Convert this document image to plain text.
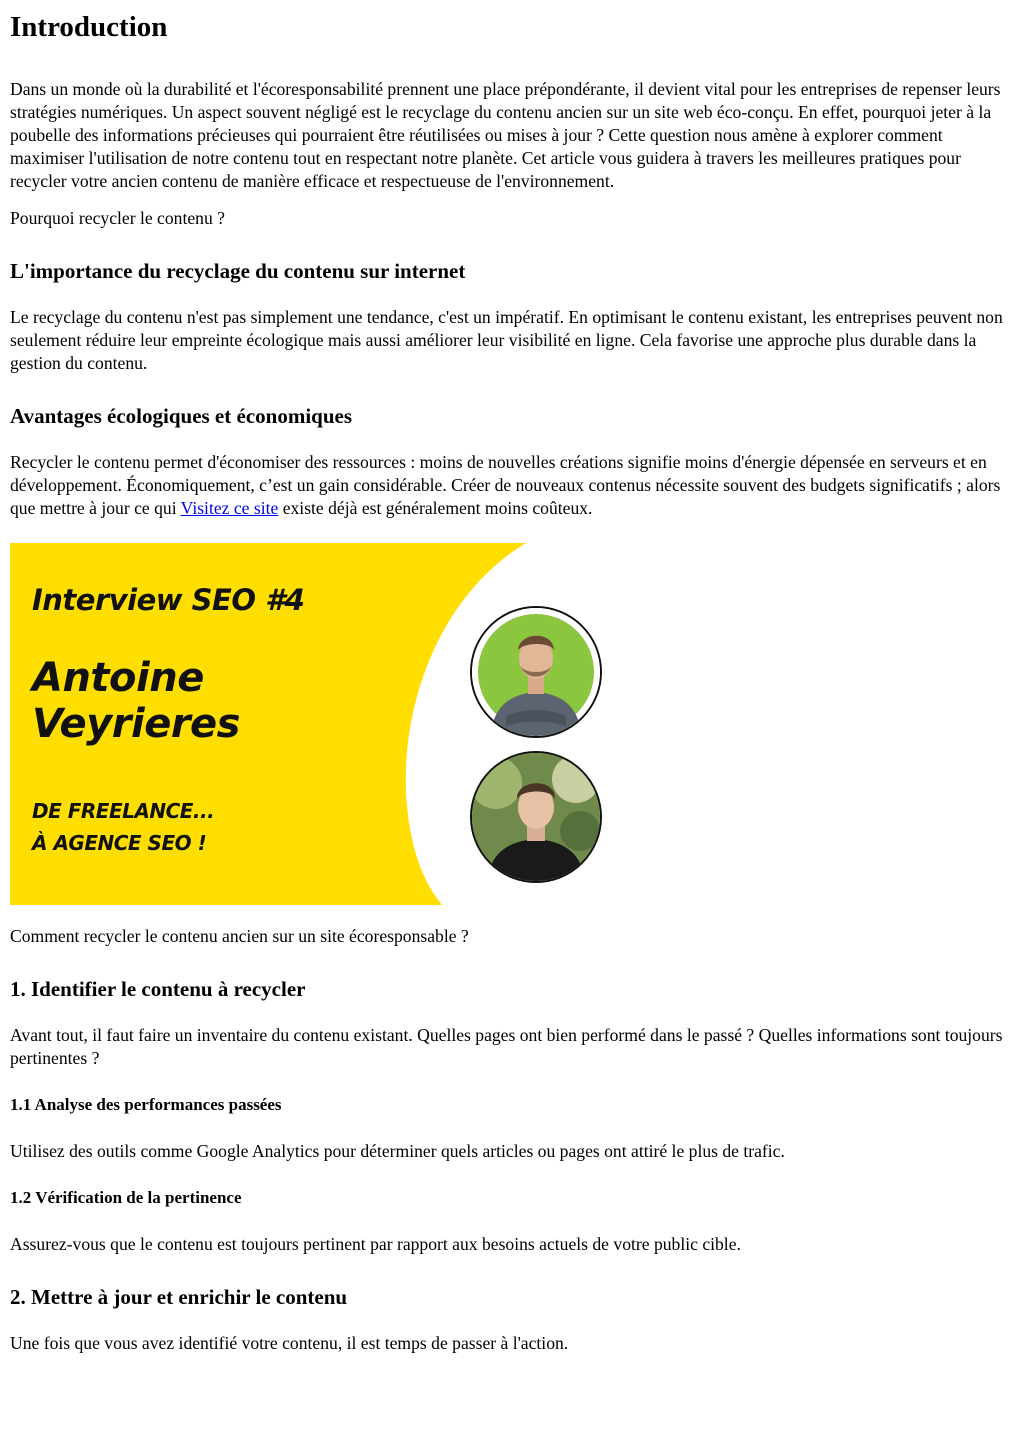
Introduction

Dans un monde où la durabilité et l'écoresponsabilité prennent une place prépondérante, il devient vital pour les entreprises de repenser leurs stratégies numériques. Un aspect souvent négligé est le recyclage du contenu ancien sur un site web éco-conçu. En effet, pourquoi jeter à la poubelle des informations précieuses qui pourraient être réutilisées ou mises à jour ? Cette question nous amène à explorer comment maximiser l'utilisation de notre contenu tout en respectant notre planète. Cet article vous guidera à travers les meilleures pratiques pour recycler votre ancien contenu de manière efficace et respectueuse de l'environnement.

Pourquoi recycler le contenu ?

L'importance du recyclage du contenu sur internet

Le recyclage du contenu n'est pas simplement une tendance, c'est un impératif. En optimisant le contenu existant, les entreprises peuvent non seulement réduire leur empreinte écologique mais aussi améliorer leur visibilité en ligne. Cela favorise une approche plus durable dans la gestion du contenu.

Avantages écologiques et économiques

Recycler le contenu permet d'économiser des ressources : moins de nouvelles créations signifie moins d'énergie dépensée en serveurs et en développement. Économiquement, c’est un gain considérable. Créer de nouveaux contenus nécessite souvent des budgets significatifs ; alors que mettre à jour ce qui Visitez ce site existe déjà est généralement moins coûteux.

Interview SEO #4
Antoine
Veyrieres
DE FREELANCE...
À AGENCE SEO !

Comment recycler le contenu ancien sur un site écoresponsable ?

1. Identifier le contenu à recycler

Avant tout, il faut faire un inventaire du contenu existant. Quelles pages ont bien performé dans le passé ? Quelles informations sont toujours pertinentes ?

1.1 Analyse des performances passées

Utilisez des outils comme Google Analytics pour déterminer quels articles ou pages ont attiré le plus de trafic.

1.2 Vérification de la pertinence

Assurez-vous que le contenu est toujours pertinent par rapport aux besoins actuels de votre public cible.

2. Mettre à jour et enrichir le contenu

Une fois que vous avez identifié votre contenu, il est temps de passer à l'action.
